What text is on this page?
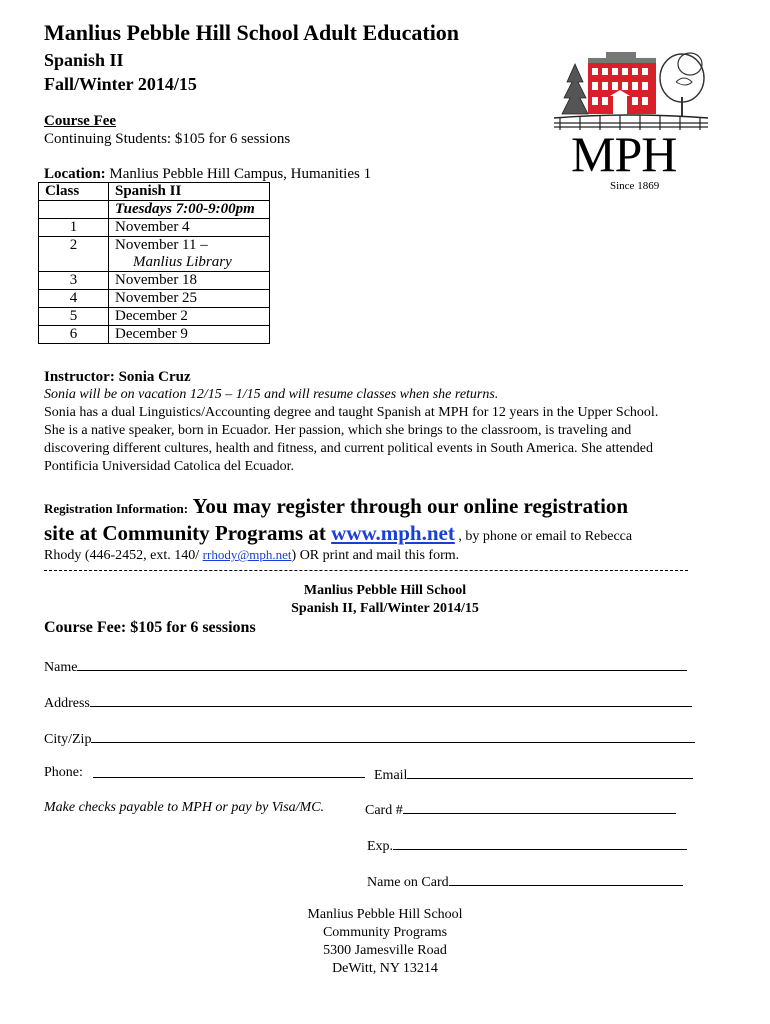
Manlius Pebble Hill School Adult Education
Spanish II
Fall/Winter 2014/15
Course Fee
Continuing Students: $105 for 6 sessions
Location: Manlius Pebble Hill Campus, Humanities 1
Class	Spanish II
	Tuesdays 7:00-9:00pm
1	November 4
2	November 11 –
Manlius Library

3	November 18
4	November 25
5	December 2
6	December 9
MPH
Since 1869
Instructor: Sonia Cruz
Sonia will be on vacation 12/15 – 1/15 and will resume classes when she returns.
Sonia has a dual Linguistics/Accounting degree and taught Spanish at MPH for 12 years in the Upper School.
She is a native speaker, born in Ecuador. Her passion, which she brings to the classroom, is traveling and
discovering different cultures, health and fitness, and current political events in South America. She attended
Pontificia Universidad Catolica del Ecuador.
Registration Information: You may register through our online registration
site at Community Programs at www.mph.net , by phone or email to Rebecca
Rhody (446-2452, ext. 140/ rrhody@mph.net) OR print and mail this form.
Manlius Pebble Hill School
Spanish II, Fall/Winter 2014/15
Course Fee: $105 for 6 sessions
Name
Address
City/Zip
Phone:	Email
Make checks payable to MPH or pay by Visa/MC.	Card #
Exp.
Name on Card
Manlius Pebble Hill School
Community Programs
5300 Jamesville Road
DeWitt, NY 13214
